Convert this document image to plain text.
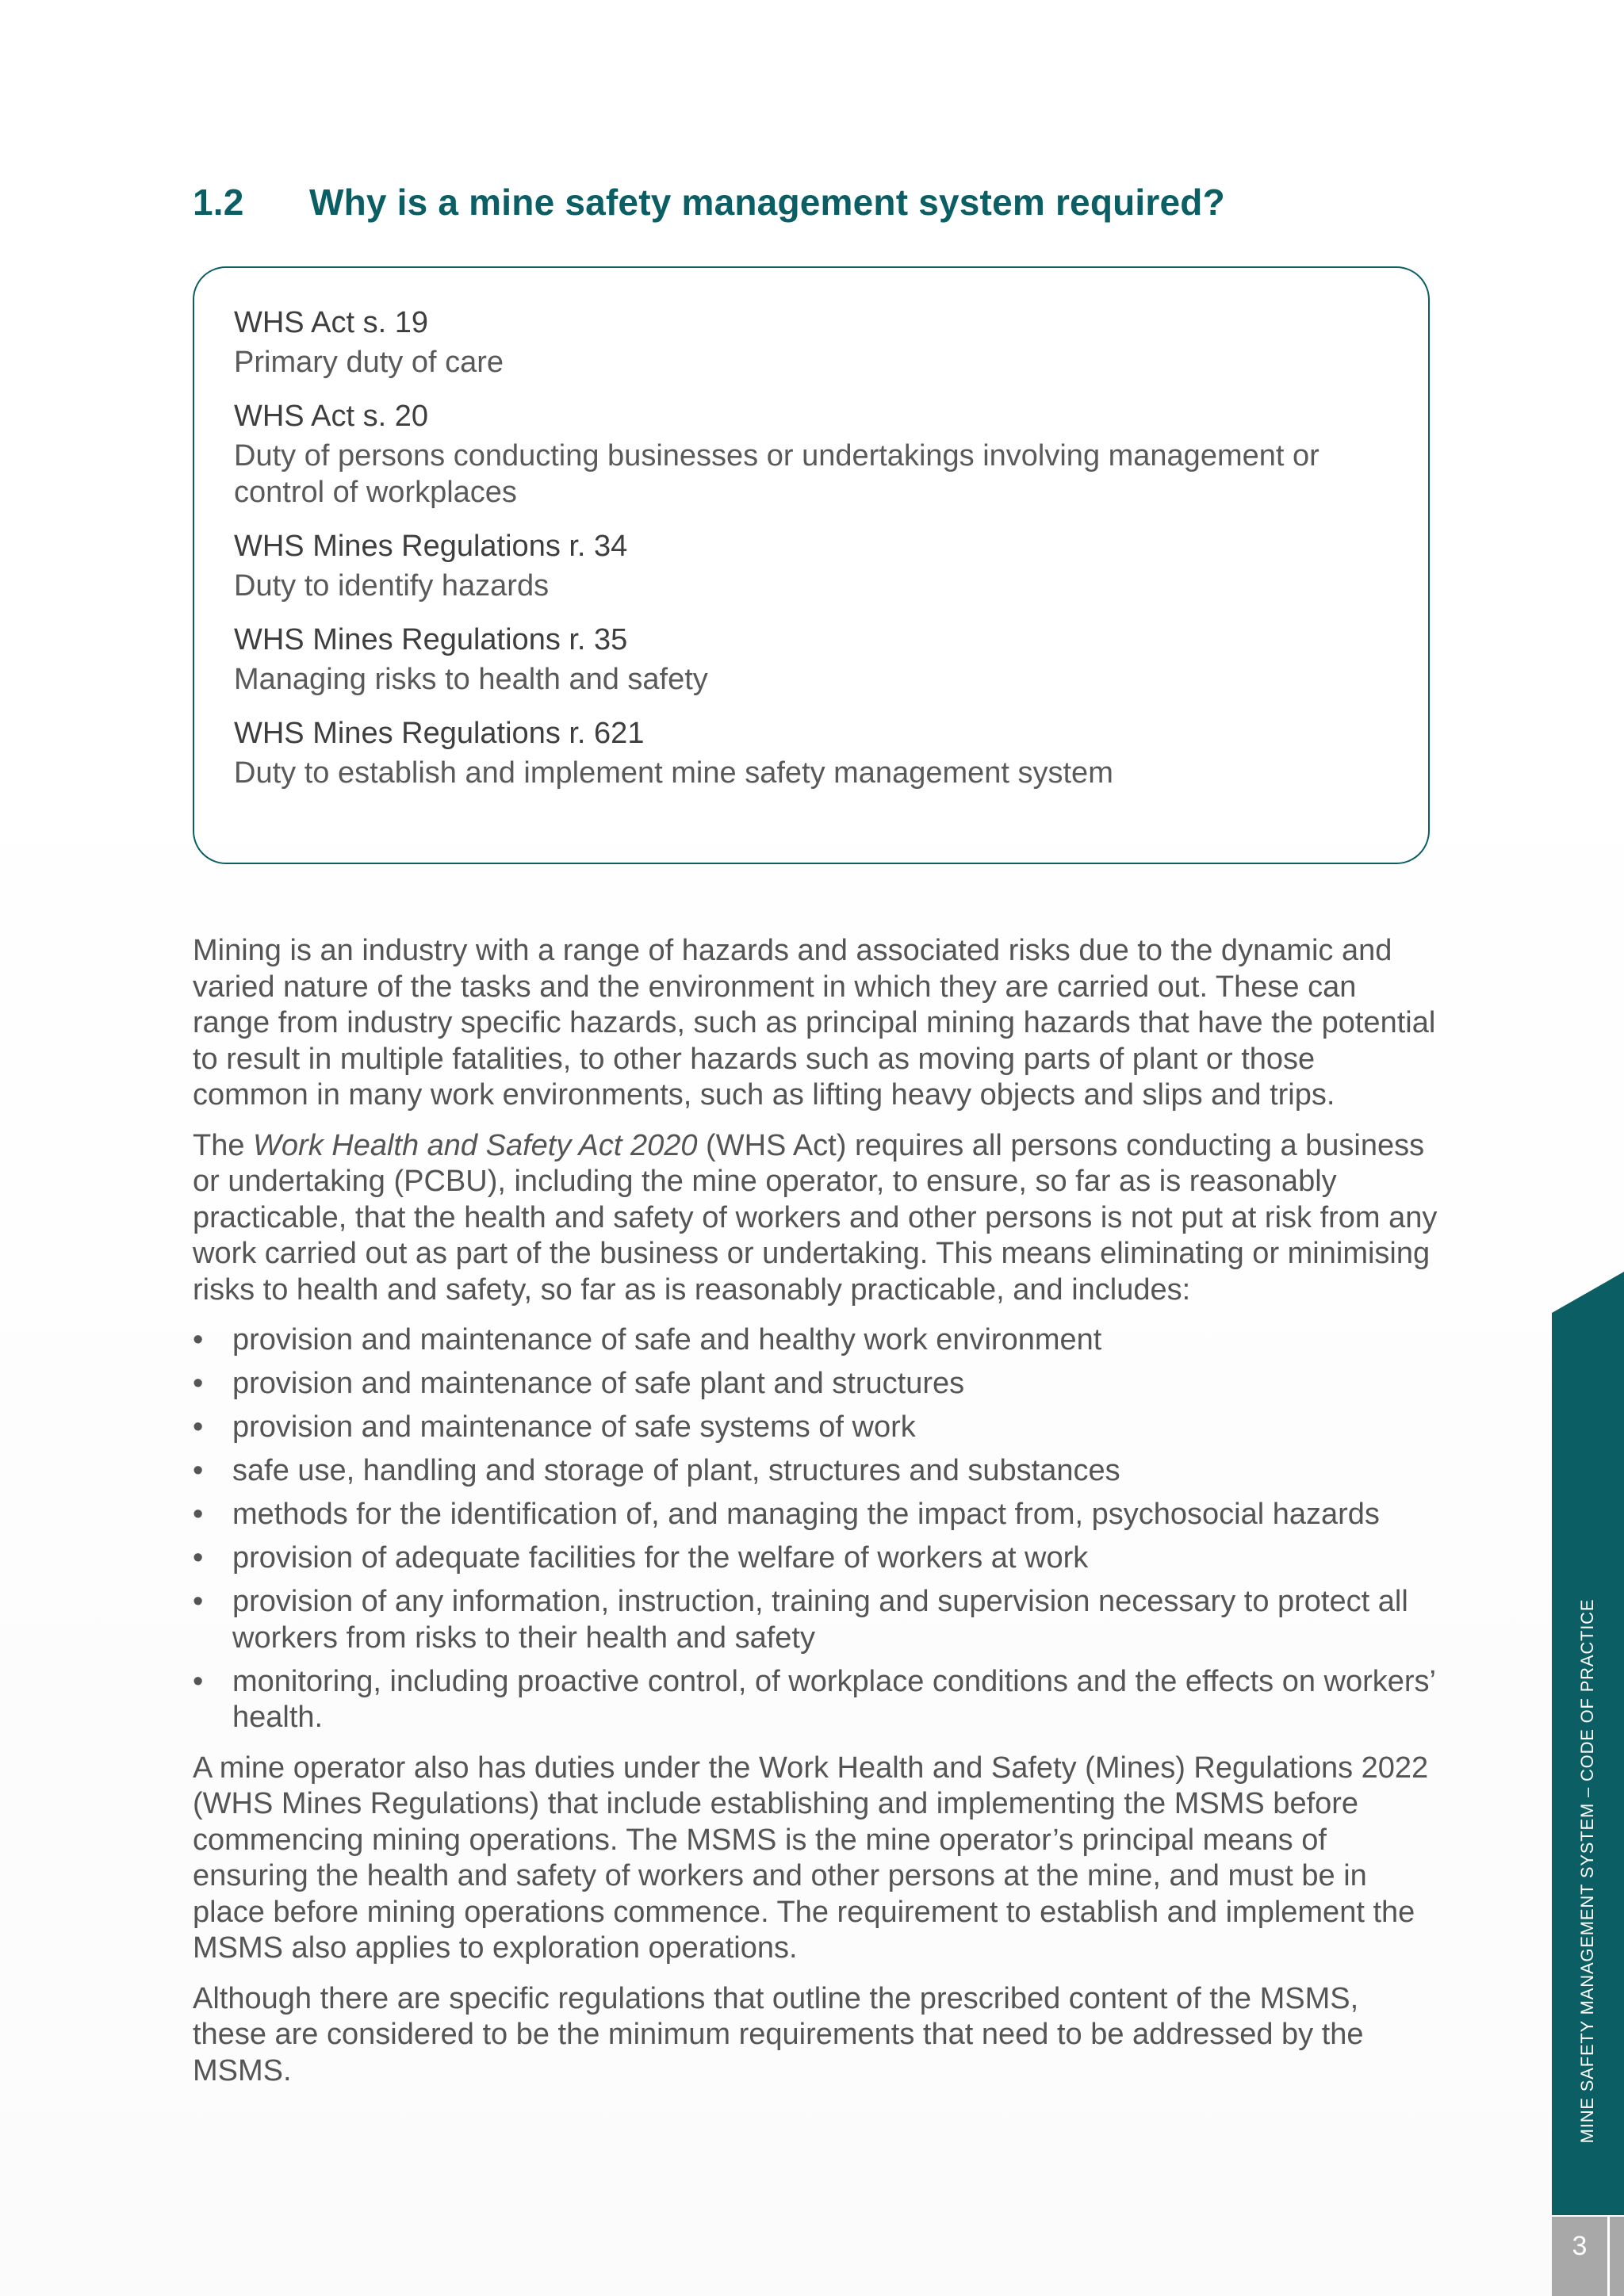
1.2 Why is a mine safety management system required?
WHS Act s. 19
Primary duty of care
WHS Act s. 20
Duty of persons conducting businesses or undertakings involving management or control of workplaces
WHS Mines Regulations r. 34
Duty to identify hazards
WHS Mines Regulations r. 35
Managing risks to health and safety
WHS Mines Regulations r. 621
Duty to establish and implement mine safety management system

Mining is an industry with a range of hazards and associated risks due to the dynamic and varied nature of the tasks and the environment in which they are carried out. These can range from industry specific hazards, such as principal mining hazards that have the potential to result in multiple fatalities, to other hazards such as moving parts of plant or those common in many work environments, such as lifting heavy objects and slips and trips.

The Work Health and Safety Act 2020 (WHS Act) requires all persons conducting a business or undertaking (PCBU), including the mine operator, to ensure, so far as is reasonably practicable, that the health and safety of workers and other persons is not put at risk from any work carried out as part of the business or undertaking. This means eliminating or minimising risks to health and safety, so far as is reasonably practicable, and includes:

• provision and maintenance of safe and healthy work environment
• provision and maintenance of safe plant and structures
• provision and maintenance of safe systems of work
• safe use, handling and storage of plant, structures and substances
• methods for the identification of, and managing the impact from, psychosocial hazards
• provision of adequate facilities for the welfare of workers at work
• provision of any information, instruction, training and supervision necessary to protect all workers from risks to their health and safety
• monitoring, including proactive control, of workplace conditions and the effects on workers’ health.

A mine operator also has duties under the Work Health and Safety (Mines) Regulations 2022 (WHS Mines Regulations) that include establishing and implementing the MSMS before commencing mining operations. The MSMS is the mine operator’s principal means of ensuring the health and safety of workers and other persons at the mine, and must be in place before mining operations commence. The requirement to establish and implement the MSMS also applies to exploration operations.

Although there are specific regulations that outline the prescribed content of the MSMS, these are considered to be the minimum requirements that need to be addressed by the MSMS.	MINE SAFETY MANAGEMENT SYSTEM – CODE OF PRACTICE
3
